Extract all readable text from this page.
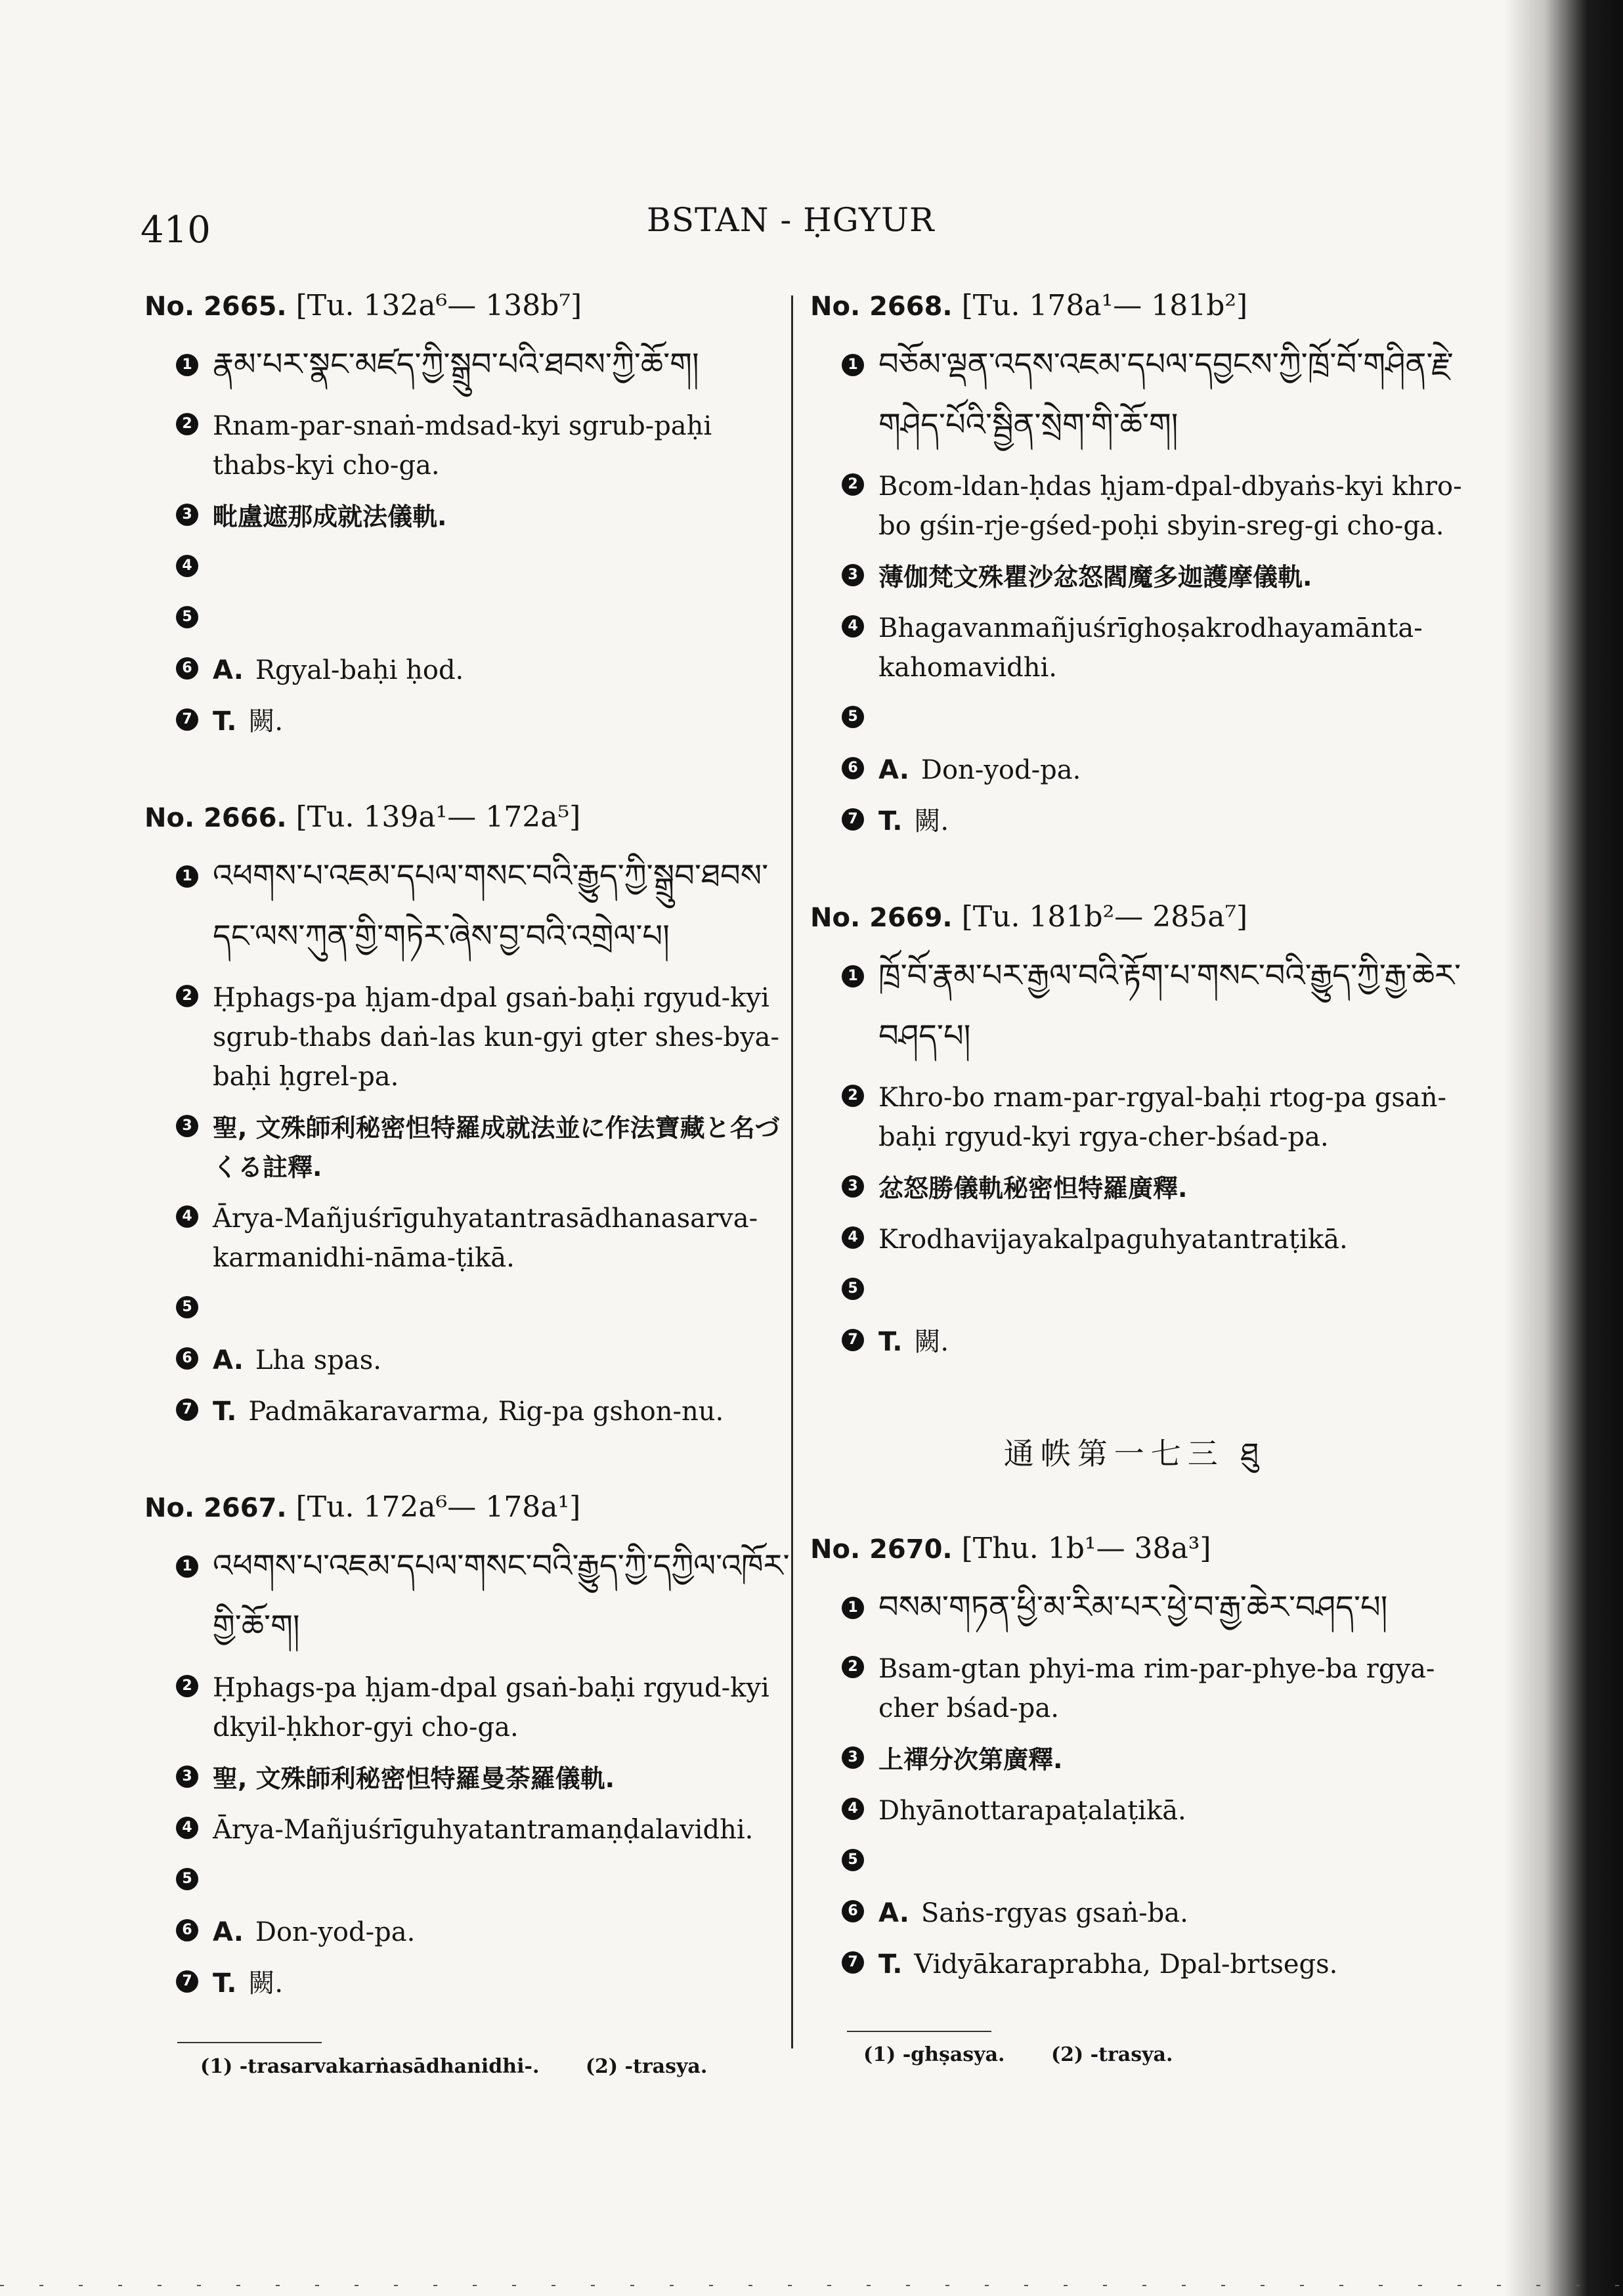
410	BSTAN - ḤGYUR
No. 2665. [Tu. 132a⁶— 138b⁷]
1 རྣམ་པར་སྣང་མཛད་ཀྱི་སྒྲུབ་པའི་ཐབས་ཀྱི་ཆོ་ག།
2 Rnam-par-snaṅ-mdsad-kyi sgrub-paḥi thabs-kyi cho-ga.
3 毗盧遮那成就法儀軌.
4
5
6 A. Rgyal-baḥi ḥod.
7 T. 闕.
No. 2666. [Tu. 139a¹— 172a⁵]
1 འཕགས་པ་འཇམ་དཔལ་གསང་བའི་རྒྱུད་ཀྱི་སྒྲུབ་ཐབས་དང་ལས་ཀུན་གྱི་གཏེར་ཞེས་བྱ་བའི་འགྲེལ་པ།
2 Ḥphags-pa ḥjam-dpal gsaṅ-baḥi rgyud-kyi sgrub-thabs daṅ-las kun-gyi gter shes-bya-baḥi ḥgrel-pa.
3 聖, 文殊師利秘密怛特羅成就法並に作法寶藏と名づくる註釋.
4 Ārya-Mañjuśrīguhyatantrasādhanasarva-karmanidhi-nāma-ṭikā.
5
6 A. Lha spas.
7 T. Padmākaravarma, Rig-pa gshon-nu.
No. 2667. [Tu. 172a⁶— 178a¹]
1 འཕགས་པ་འཇམ་དཔལ་གསང་བའི་རྒྱུད་ཀྱི་དཀྱིལ་འཁོར་གྱི་ཆོ་ག།
2 Ḥphags-pa ḥjam-dpal gsaṅ-baḥi rgyud-kyi dkyil-ḥkhor-gyi cho-ga.
3 聖, 文殊師利秘密怛特羅曼荼羅儀軌.
4 Ārya-Mañjuśrīguhyatantramaṇḍalavidhi.
5
6 A. Don-yod-pa.
7 T. 闕.
No. 2668. [Tu. 178a¹— 181b²]
1 བཅོམ་ལྡན་འདས་འཇམ་དཔལ་དབྱངས་ཀྱི་ཁྲོ་བོ་གཤིན་རྗེ་གཤེད་པོའི་སྦྱིན་སྲེག་གི་ཆོ་ག།
2 Bcom-ldan-ḥdas ḥjam-dpal-dbyaṅs-kyi khro-bo gśin-rje-gśed-poḥi sbyin-sreg-gi cho-ga.
3 薄伽梵文殊瞿沙忿怒閻魔多迦護摩儀軌.
4 Bhagavanmañjuśrīghoṣakrodhayamānta-kahomavidhi.
5
6 A. Don-yod-pa.
7 T. 闕.
No. 2669. [Tu. 181b²— 285a⁷]
1 ཁྲོ་བོ་རྣམ་པར་རྒྱལ་བའི་རྟོག་པ་གསང་བའི་རྒྱུད་ཀྱི་རྒྱ་ཆེར་བཤད་པ།
2 Khro-bo rnam-par-rgyal-baḥi rtog-pa gsaṅ-baḥi rgyud-kyi rgya-cher-bśad-pa.
3 忿怒勝儀軌秘密怛特羅廣釋.
4 Krodhavijayakalpaguhyatantraṭikā.
5
7 T. 闕.
通帙第一七三 ཐུ
No. 2670. [Thu. 1b¹— 38a³]
1 བསམ་གཏན་ཕྱི་མ་རིམ་པར་ཕྱེ་བ་རྒྱ་ཆེར་བཤད་པ།
2 Bsam-gtan phyi-ma rim-par-phye-ba rgya-cher bśad-pa.
3 上禪分次第廣釋.
4 Dhyānottarapaṭalaṭikā.
5
6 A. Saṅs-rgyas gsaṅ-ba.
7 T. Vidyākaraprabha, Dpal-brtsegs.
(1) -trasarvakarṅasādhanidhi-. (2) -trasya.
(1) -ghṣasya. (2) -trasya.
